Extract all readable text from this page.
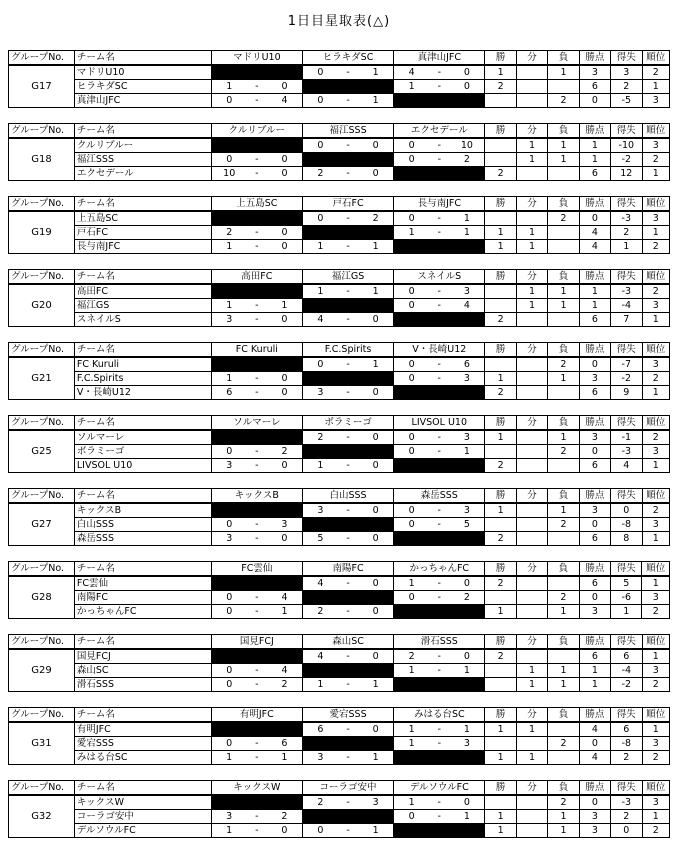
1日目星取表(△)
グループNo.	チーム名	マドリU10			ヒラキダSC			真津山JFC			勝	分	負	勝点	得失	順位
G17	マドリU10				0	-	1	4	-	0	1		1	3	3	2
	ヒラキダSC	1	-	0				1	-	0	2			6	2	1
	真津山JFC	0	-	4	0	-	1						2	0	-5	3
グループNo.	チーム名	クルリブルー			福江SSS			エクセデール			勝	分	負	勝点	得失	順位
G18	クルリブルー				0	-	0	0	-	10		1	1	1	-10	3
	福江SSS	0	-	0				0	-	2		1	1	1	-2	2
	エクセデール	10	-	0	2	-	0				2			6	12	1
グループNo.	チーム名	上五島SC			戸石FC			長与南JFC			勝	分	負	勝点	得失	順位
G19	上五島SC				0	-	2	0	-	1			2	0	-3	3
	戸石FC	2	-	0				1	-	1	1	1		4	2	1
	長与南JFC	1	-	0	1	-	1				1	1		4	1	2
グループNo.	チーム名	高田FC			福江GS			スネイルS			勝	分	負	勝点	得失	順位
G20	高田FC				1	-	1	0	-	3		1	1	1	-3	2
	福江GS	1	-	1				0	-	4		1	1	1	-4	3
	スネイルS	3	-	0	4	-	0				2			6	7	1
グループNo.	チーム名	FC Kuruli			F.C.Spirits			V・長崎U12			勝	分	負	勝点	得失	順位
G21	FC Kuruli				0	-	1	0	-	6			2	0	-7	3
	F.C.Spirits	1	-	0				0	-	3	1		1	3	-2	2
	V・長崎U12	6	-	0	3	-	0				2			6	9	1
グループNo.	チーム名	ソルマーレ			ボラミーゴ			LIVSOL U10			勝	分	負	勝点	得失	順位
G25	ソルマーレ				2	-	0	0	-	3	1		1	3	-1	2
	ボラミーゴ	0	-	2				0	-	1			2	0	-3	3
	LIVSOL U10	3	-	0	1	-	0				2			6	4	1
グループNo.	チーム名	キックスB			白山SSS			森岳SSS			勝	分	負	勝点	得失	順位
G27	キックスB				3	-	0	0	-	3	1		1	3	0	2
	白山SSS	0	-	3				0	-	5			2	0	-8	3
	森岳SSS	3	-	0	5	-	0				2			6	8	1
グループNo.	チーム名	FC雲仙			南陽FC			かっちゃんFC			勝	分	負	勝点	得失	順位
G28	FC雲仙				4	-	0	1	-	0	2			6	5	1
	南陽FC	0	-	4				0	-	2			2	0	-6	3
	かっちゃんFC	0	-	1	2	-	0				1		1	3	1	2
グループNo.	チーム名	国見FCJ			森山SC			滑石SSS			勝	分	負	勝点	得失	順位
G29	国見FCJ				4	-	0	2	-	0	2			6	6	1
	森山SC	0	-	4				1	-	1		1	1	1	-4	3
	滑石SSS	0	-	2	1	-	1					1	1	1	-2	2
グループNo.	チーム名	有明JFC			愛宕SSS			みはる台SC			勝	分	負	勝点	得失	順位
G31	有明JFC				6	-	0	1	-	1	1	1		4	6	1
	愛宕SSS	0	-	6				1	-	3			2	0	-8	3
	みはる台SC	1	-	1	3	-	1				1	1		4	2	2
グループNo.	チーム名	キックスW			コーラゴ安中			デルソウルFC			勝	分	負	勝点	得失	順位
G32	キックスW				2	-	3	1	-	0			2	0	-3	3
	コーラゴ安中	3	-	2				0	-	1	1		1	3	2	1
	デルソウルFC	1	-	0	0	-	1				1		1	3	0	2
